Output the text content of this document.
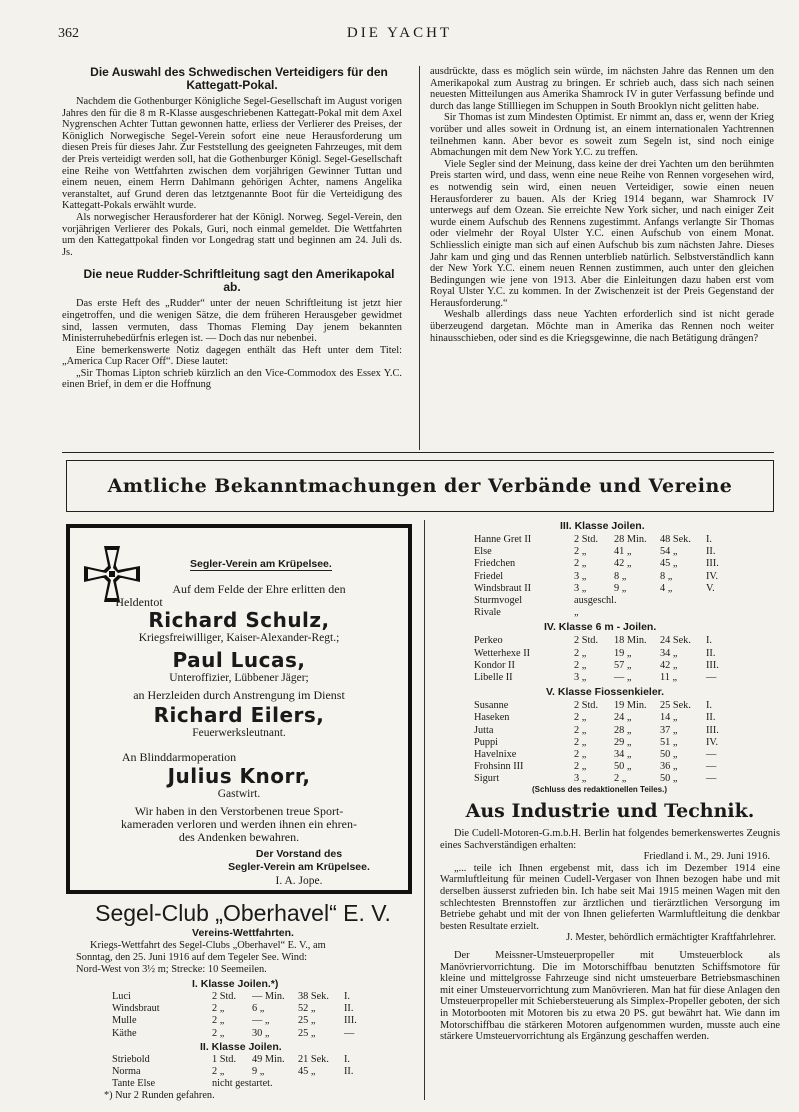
362	DIE YACHT

Die Auswahl des Schwedischen Verteidigers für den Kattegatt-Pokal.

Nachdem die Gothenburger Königliche Segel-Gesellschaft im August vorigen Jahres den für die 8 m R-Klasse ausgeschriebenen Kattegatt-Pokal mit dem Axel Nygrenschen Achter Tuttan gewonnen hatte, erliess der Verlierer des Preises, der Königlich Norwegische Segel-Verein sofort eine neue Herausforderung um diesen Preis für dieses Jahr. Zur Feststellung des geeigneten Fahrzeuges, mit dem der Preis verteidigt werden soll, hat die Gothenburger Königl. Segel-Gesellschaft eine Reihe von Wettfahrten zwischen dem vorjährigen Gewinner Tuttan und einem neuen, einem Herrn Dahlmann gehörigen Achter, namens Angelika veranstaltet, auf Grund deren das letztgenannte Boot für die Verteidigung des Kattegatt-Pokals erwählt wurde.

Als norwegischer Herausforderer hat der Königl. Norweg. Segel-Verein, den vorjährigen Verlierer des Pokals, Guri, noch einmal gemeldet. Die Wettfahrten um den Kattegattpokal finden vor Longedrag statt und beginnen am 24. Juli ds. Js.

Die neue Rudder-Schriftleitung sagt den Amerikapokal ab.

Das erste Heft des „Rudder“ unter der neuen Schriftleitung ist jetzt hier eingetroffen, und die wenigen Sätze, die dem früheren Herausgeber gewidmet sind, lassen vermuten, dass Thomas Fleming Day jenem bekannten Ministerruhebedürfnis erlegen ist. — Doch das nur nebenbei.

Eine bemerkenswerte Notiz dagegen enthält das Heft unter dem Titel: „America Cup Racer Off“. Diese lautet:

„Sir Thomas Lipton schrieb kürzlich an den Vice-Commodox des Essex Y.C. einen Brief, in dem er die Hoffnung

ausdrückte, dass es möglich sein würde, im nächsten Jahre das Rennen um den Amerikapokal zum Austrag zu bringen. Er schrieb auch, dass sich nach seinen neuesten Mitteilungen aus Amerika Shamrock IV in guter Verfassung befinde und durch das lange Stillliegen im Schuppen in South Brooklyn nicht gelitten habe.

Sir Thomas ist zum Mindesten Optimist. Er nimmt an, dass er, wenn der Krieg vorüber und alles soweit in Ordnung ist, an einem internationalen Yachtrennen teilnehmen kann. Aber bevor es soweit zum Segeln ist, sind noch einige Abmachungen mit dem New York Y.C. zu treffen.

Viele Segler sind der Meinung, dass keine der drei Yachten um den berühmten Preis starten wird, und dass, wenn eine neue Reihe von Rennen vorgesehen wird, es notwendig sein wird, einen neuen Verteidiger, sowie einen neuen Herausforderer zu bauen. Als der Krieg 1914 begann, war Shamrock IV unterwegs auf dem Ozean. Sie erreichte New York sicher, und nach einiger Zeit wurde einem Aufschub des Rennens zugestimmt. Anfangs verlangte Sir Thomas oder vielmehr der Royal Ulster Y.C. einen Aufschub von einem Monat. Schliesslich einigte man sich auf einen Aufschub bis zum nächsten Jahre. Dieses Jahr kam und ging und das Rennen unterblieb natürlich. Selbstverständlich kann der New York Y.C. einem neuen Rennen zustimmen, auch unter den gleichen Bedingungen wie jene von 1913. Aber die Einleitungen dazu haben erst vom Royal Ulster Y.C. zu kommen. In der Zwischenzeit ist der Preis Gegenstand der Herausforderung.“

Weshalb allerdings dass neue Yachten erforderlich sind ist nicht gerade überzeugend dargetan. Möchte man in Amerika das Rennen noch weiter hinausschieben, oder sind es die Kriegsgewinne, die nach Betätigung drängen?

Amtliche Bekanntmachungen der Verbände und Vereine
Segler-Verein am Krüpelsee.
Auf dem Felde der Ehre erlitten den
Heldentot
Richard Schulz,
Kriegsfreiwilliger, Kaiser-Alexander-Regt.;
Paul Lucas,
Unteroffizier, Lübbener Jäger;
an Herzleiden durch Anstrengung im Dienst
Richard Eilers,
Feuerwerksleutnant.
An Blinddarmoperation
Julius Knorr,
Gastwirt.
Wir haben in den Verstorbenen treue Sport-
kameraden verloren und werden ihnen ein ehren-
des Andenken bewahren.
Der Vorstand des
Segler-Verein am Krüpelsee.
I. A. Jope.
Segel-Club „Oberhavel“ E. V.
Vereins-Wettfahrten.

Kriegs-Wettfahrt des Segel-Clubs „Oberhavel“ E. V., am

Sonntag, den 25. Juni 1916 auf dem Tegeler See. Wind:

Nord-West von 3½ m; Strecke: 10 Seemeilen.

I. Klasse Joilen.*)
Luci	2 Std. — Min. 38 Sek. I.
Windsbraut	2 „	6 „	52 „	II.
Mulle	2 „	— „	25 „	III.
Käthe	2 „	30 „	25 „	—
II. Klasse Joilen.
Striebold	1 Std. 49 Min. 21 Sek. I.
Norma	2 „	9 „	45 „	II.
Tante Else	nicht gestartet.
*) Nur 2 Runden gefahren.
III. Klasse Joilen.
Hanne Gret II	2 Std. 28 Min. 48 Sek. I.
Else	2 „	41 „	54 „	II.
Friedchen	2 „	42 „	45 „	III.
Friedel	3 „	8 „	8 „	IV.
Windsbraut II	3 „	9 „	4 „	V.
Sturmvogel	ausgeschl.
Rivale	„
IV. Klasse 6 m - Joilen.
Perkeo	2 Std. 18 Min. 24 Sek. I.
Wetterhexe II	2 „	19 „	34 „	II.
Kondor II	2 „	57 „	42 „	III.
Libelle II	3 „	— „	11 „	—
V. Klasse Fiossenkieler.
Susanne	2 Std. 19 Min. 25 Sek. I.
Haseken	2 „	24 „	14 „	II.
Jutta	2 „	28 „	37 „	III.
Puppi	2 „	29 „	51 „	IV.
Havelnixe	2 „	34 „	50 „	—
Frohsinn III	2 „	50 „	36 „	—
Sigurt	3 „	2 „	50 „	—
(Schluss des redaktionellen Teiles.)
Aus Industrie und Technik.

Die Cudell-Motoren-G.m.b.H. Berlin hat folgendes bemerkenswertes Zeugnis eines Sachverständigen erhalten:

Friedland i. M., 29. Juni 1916.

„... teile ich Ihnen ergebenst mit, dass ich im Dezember 1914 eine Warmluftleitung für meinen Cudell-Vergaser von Ihnen bezogen habe und mit derselben äusserst zufrieden bin. Ich habe seit Mai 1915 meinen Wagen mit den schlechtesten Brennstoffen zur ärztlichen und tierärztlichen Versorgung im Betriebe gehabt und mit der von Ihnen gelieferten Warmluftleitung die denkbar besten Resultate erzielt.

J. Mester, behördlich ermächtigter Kraftfahrlehrer.

Der Meissner-Umsteuerpropeller mit Umsteuerblock als Manövriervorrichtung. Die im Motorschiffbau benutzten Schiffsmotore für kleine und mittelgrosse Fahrzeuge sind nicht umsteuerbare Betriebsmaschinen mit einer Umsteuervorrichtung zum Manövrieren. Man hat für diese Anlagen den Umsteuerpropeller mit Schiebersteuerung als Simplex-Propeller geboten, der sich in Motorbooten mit Motoren bis zu etwa 20 PS. gut bewährt hat. Wie dann im Motorschiffbau die stärkeren Motoren aufgenommen wurden, musste auch eine stärkere Umsteuervorrichtung als Ergänzung geschaffen werden.
